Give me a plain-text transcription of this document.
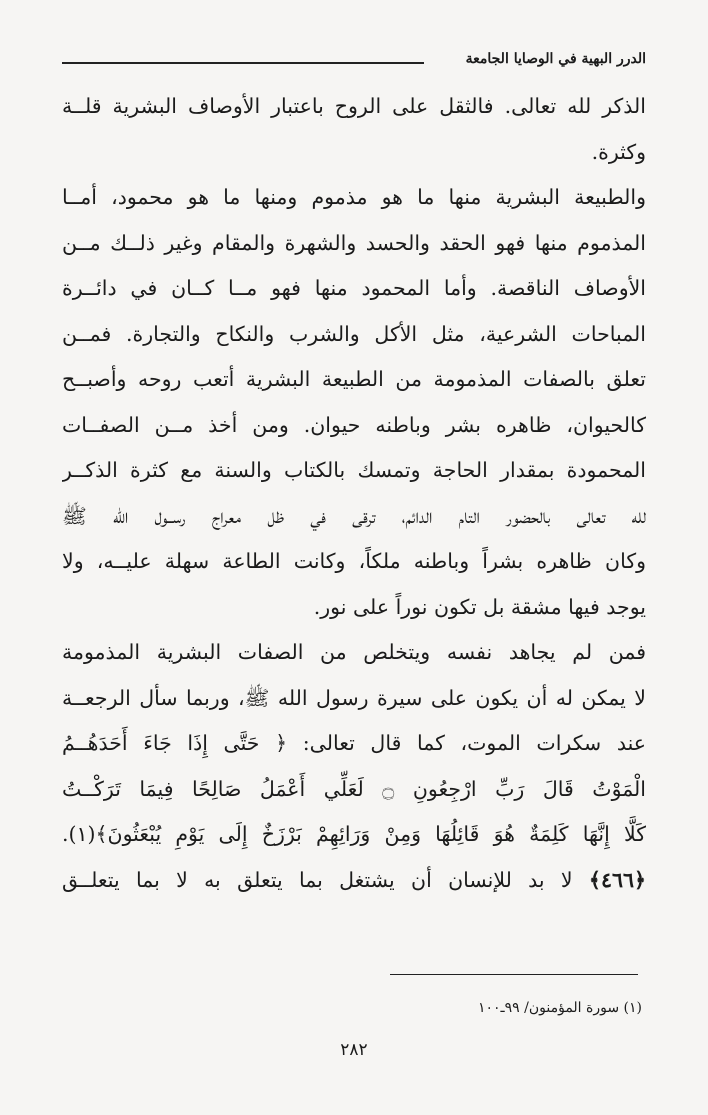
الدرر البهية في الوصايا الجامعة
الذكر لله تعالى. فالثقل على الروح باعتبار الأوصاف البشرية قلــة
وكثرة.
والطبيعة البشرية منها ما هو مذموم ومنها ما هو محمود، أمــا
المذموم منها فهو الحقد والحسد والشهرة والمقام وغير ذلــك مــن
الأوصاف الناقصة. وأما المحمود منها فهو مــا كــان في دائــرة
المباحات الشرعية، مثل الأكل والشرب والنكاح والتجارة. فمــن
تعلق بالصفات المذمومة من الطبيعة البشرية أتعب روحه وأصبــح
كالحيوان، ظاهره بشر وباطنه حيوان. ومن أخذ مــن الصفــات
المحمودة بمقدار الحاجة وتمسك بالكتاب والسنة مع كثرة الذكــر
لله تعالى بالحضور التام الدائم، ترقى في ظل معراج رســول الله ﷺ
وكان ظاهره بشراً وباطنه ملكاً، وكانت الطاعة سهلة عليــه، ولا
يوجد فيها مشقة بل تكون نوراً على نور.
فمن لم يجاهد نفسه ويتخلص من الصفات البشرية المذمومة
لا يمكن له أن يكون على سيرة رسول الله ﷺ، وربما سأل الرجعــة
عند سكرات الموت، كما قال تعالى: ﴿ حَتَّى إِذَا جَاءَ أَحَدَهُــمُ
الْمَوْتُ قَالَ رَبِّ ارْجِعُونِ ۝ لَعَلِّي أَعْمَلُ صَالِحًا فِيمَا تَرَكْــتُ
كَلَّا إِنَّهَا كَلِمَةٌ هُوَ قَائِلُهَا وَمِنْ وَرَائِهِمْ بَرْزَخٌ إِلَى يَوْمِ يُبْعَثُونَ﴾(١).
﴿٤٦٦﴾ لا بد للإنسان أن يشتغل بما يتعلق به لا بما يتعلــق
(١) سورة المؤمنون/ ٩٩ـ١٠٠
٢٨٢
